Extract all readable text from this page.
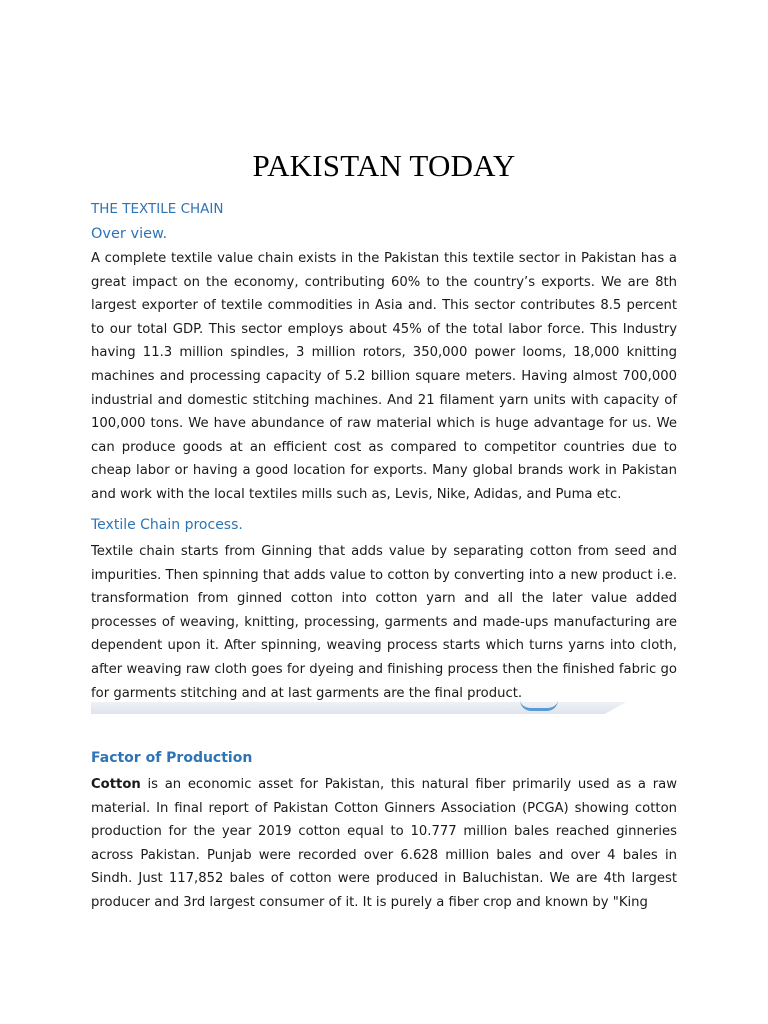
PAKISTAN TODAY
THE TEXTILE CHAIN
Over view.

A complete textile value chain exists in the Pakistan this textile sector in Pakistan has a great impact on the economy, contributing 60% to the country’s exports. We are 8th largest exporter of textile commodities in Asia and. This sector contributes 8.5 percent to our total GDP. This sector employs about 45% of the total labor force. This Industry having 11.3 million spindles, 3 million rotors, 350,000 power looms, 18,000 knitting machines and processing capacity of 5.2 billion square meters. Having almost 700,000 industrial and domestic stitching machines. And 21 filament yarn units with capacity of 100,000 tons. We have abundance of raw material which is huge advantage for us. We can produce goods at an efficient cost as compared to competitor countries due to cheap labor or having a good location for exports. Many global brands work in Pakistan and work with the local textiles mills such as, Levis, Nike, Adidas, and Puma etc.

Textile Chain process.

Textile chain starts from Ginning that adds value by separating cotton from seed and impurities. Then spinning that adds value to cotton by converting into a new product i.e. transformation from ginned cotton into cotton yarn and all the later value added processes of weaving, knitting, processing, garments and made-ups manufacturing are dependent upon it. After spinning, weaving process starts which turns yarns into cloth, after weaving raw cloth goes for dyeing and finishing process then the finished fabric go for garments stitching and at last garments are the final product.

Factor of Production

Cotton is an economic asset for Pakistan, this natural fiber primarily used as a raw material. In final report of Pakistan Cotton Ginners Association (PCGA) showing cotton production for the year 2019 cotton equal to 10.777 million bales reached ginneries across Pakistan. Punjab were recorded over 6.628 million bales and over 4 bales in Sindh. Just 117,852 bales of cotton were produced in Baluchistan. We are 4th largest producer and 3rd largest consumer of it. It is purely a fiber crop and known by "King
